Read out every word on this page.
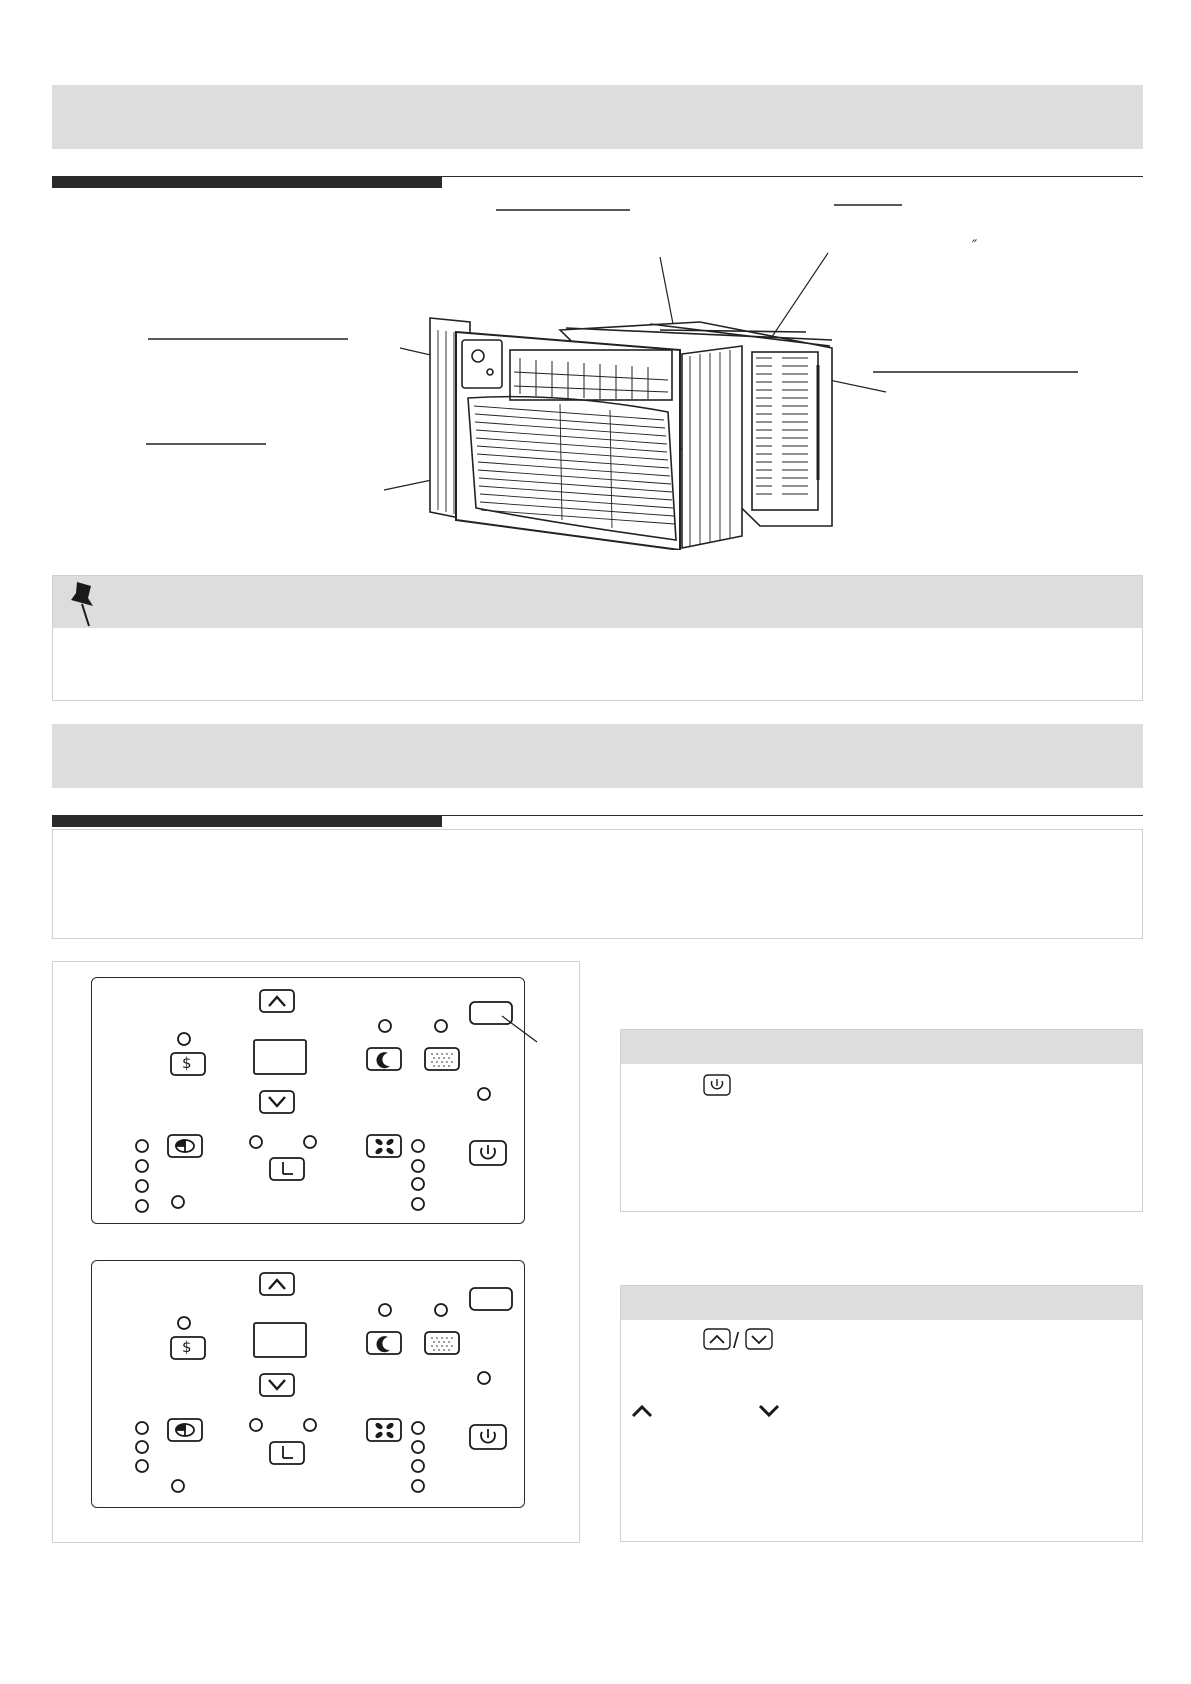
″
$
$	/
